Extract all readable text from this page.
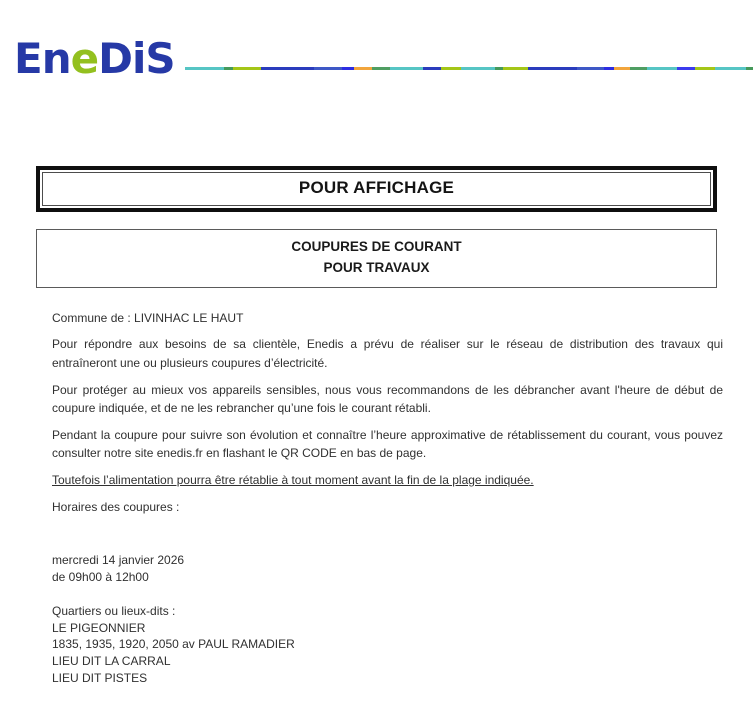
EneDiS
POUR AFFICHAGE
COUPURES DE COURANT
POUR TRAVAUX

Commune de : LIVINHAC LE HAUT

Pour répondre aux besoins de sa clientèle, Enedis a prévu de réaliser sur le réseau de distribution des travaux qui entraîneront une ou plusieurs coupures d’électricité.

Pour protéger au mieux vos appareils sensibles, nous vous recommandons de les débrancher avant l'heure de début de coupure indiquée, et de ne les rebrancher qu’une fois le courant rétabli.

Pendant la coupure pour suivre son évolution et connaître l’heure approximative de rétablissement du courant, vous pouvez consulter notre site enedis.fr en flashant le QR CODE en bas de page.

Toutefois l’alimentation pourra être rétablie à tout moment avant la fin de la plage indiquée.

Horaires des coupures :

mercredi 14 janvier 2026
de 09h00 à 12h00
Quartiers ou lieux-dits :
LE PIGEONNIER
1835, 1935, 1920, 2050 av PAUL RAMADIER
LIEU DIT LA CARRAL
LIEU DIT PISTES
